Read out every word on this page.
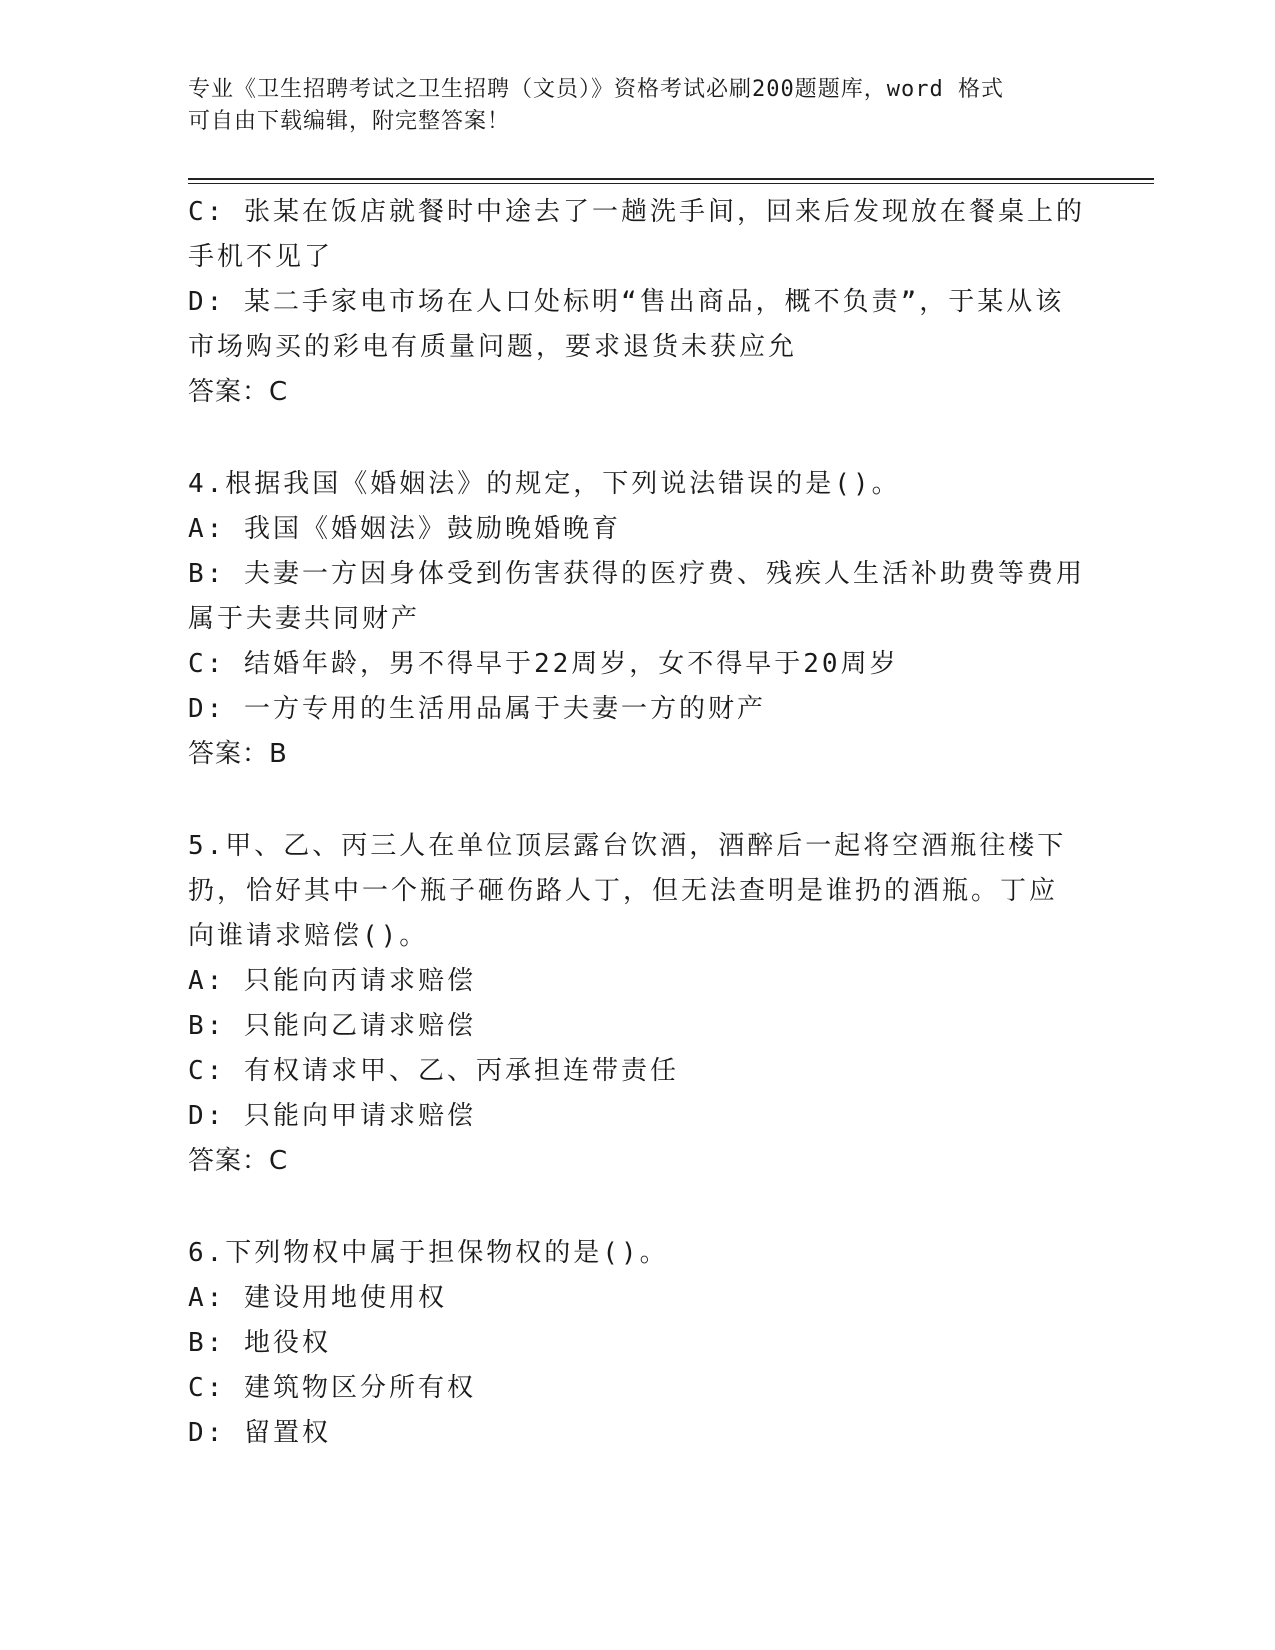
专业《卫生招聘考试之卫生招聘（文员）》资格考试必刷200题题库，word 格式
可自由下载编辑，附完整答案！
C: 张某在饭店就餐时中途去了一趟洗手间，回来后发现放在餐桌上的
手机不见了
D: 某二手家电市场在人口处标明“售出商品，概不负责”，于某从该
市场购买的彩电有质量问题，要求退货未获应允
答案：C
4.根据我国《婚姻法》的规定，下列说法错误的是()。
A: 我国《婚姻法》鼓励晚婚晚育
B: 夫妻一方因身体受到伤害获得的医疗费、残疾人生活补助费等费用
属于夫妻共同财产
C: 结婚年龄，男不得早于22周岁，女不得早于20周岁
D: 一方专用的生活用品属于夫妻一方的财产
答案：B
5.甲、乙、丙三人在单位顶层露台饮酒，酒醉后一起将空酒瓶往楼下
扔，恰好其中一个瓶子砸伤路人丁，但无法查明是谁扔的酒瓶。丁应
向谁请求赔偿()。
A: 只能向丙请求赔偿
B: 只能向乙请求赔偿
C: 有权请求甲、乙、丙承担连带责任
D: 只能向甲请求赔偿
答案：C
6.下列物权中属于担保物权的是()。
A: 建设用地使用权
B: 地役权
C: 建筑物区分所有权
D: 留置权
